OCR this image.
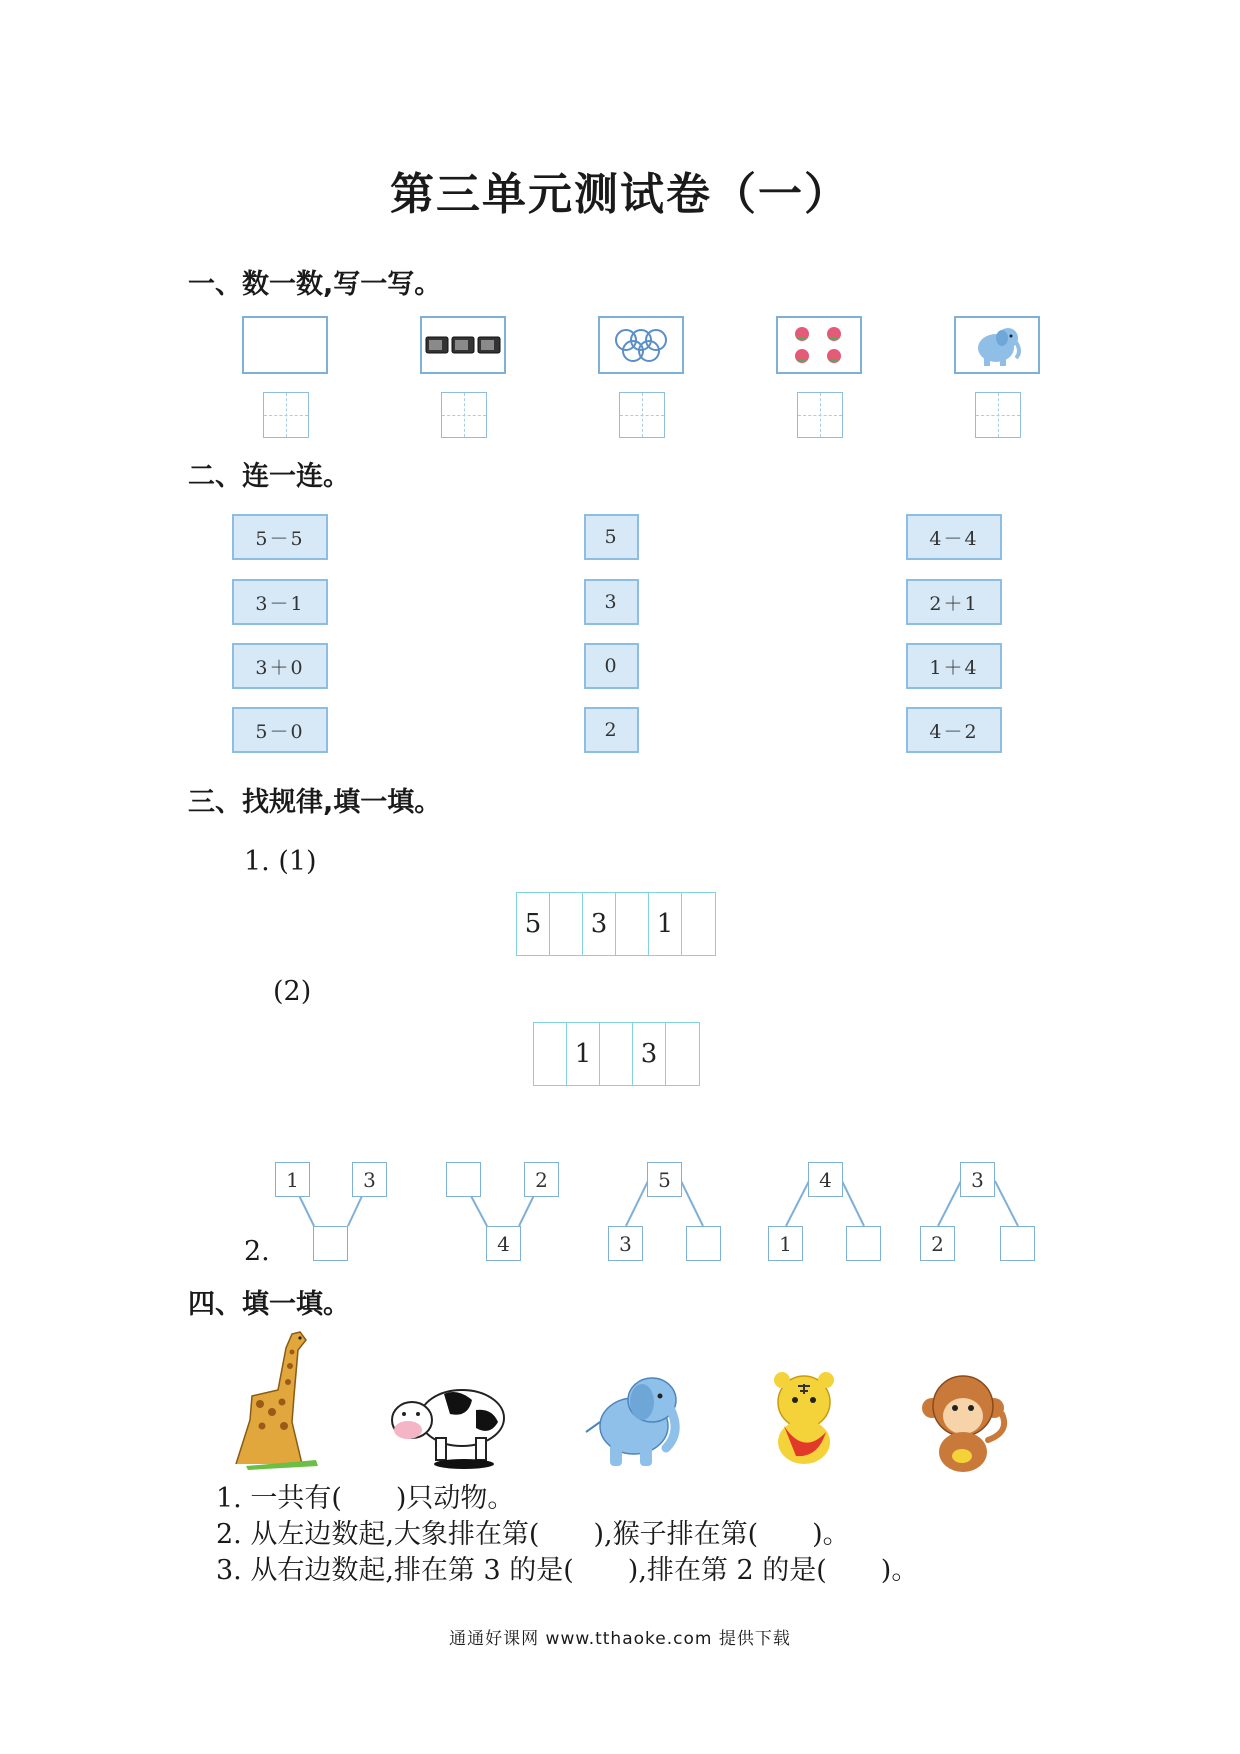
第三单元测试卷（一）
一、数一数,写一写。
二、连一连。
5－5
3－1
3＋0
5－0
5
3
0
2
4－4
2＋1
1＋4
4－2
三、找规律,填一填。
1. (1)
5	3	1
(2)
1	3
1	3	2
4
5
3
4
1
3
2
2.
四、填一填。
1. 一共有(　　)只动物。
2. 从左边数起,大象排在第(　　),猴子排在第(　　)。
3. 从右边数起,排在第 3 的是(　　),排在第 2 的是(　　)。
通通好课网 www.tthaoke.com 提供下载
